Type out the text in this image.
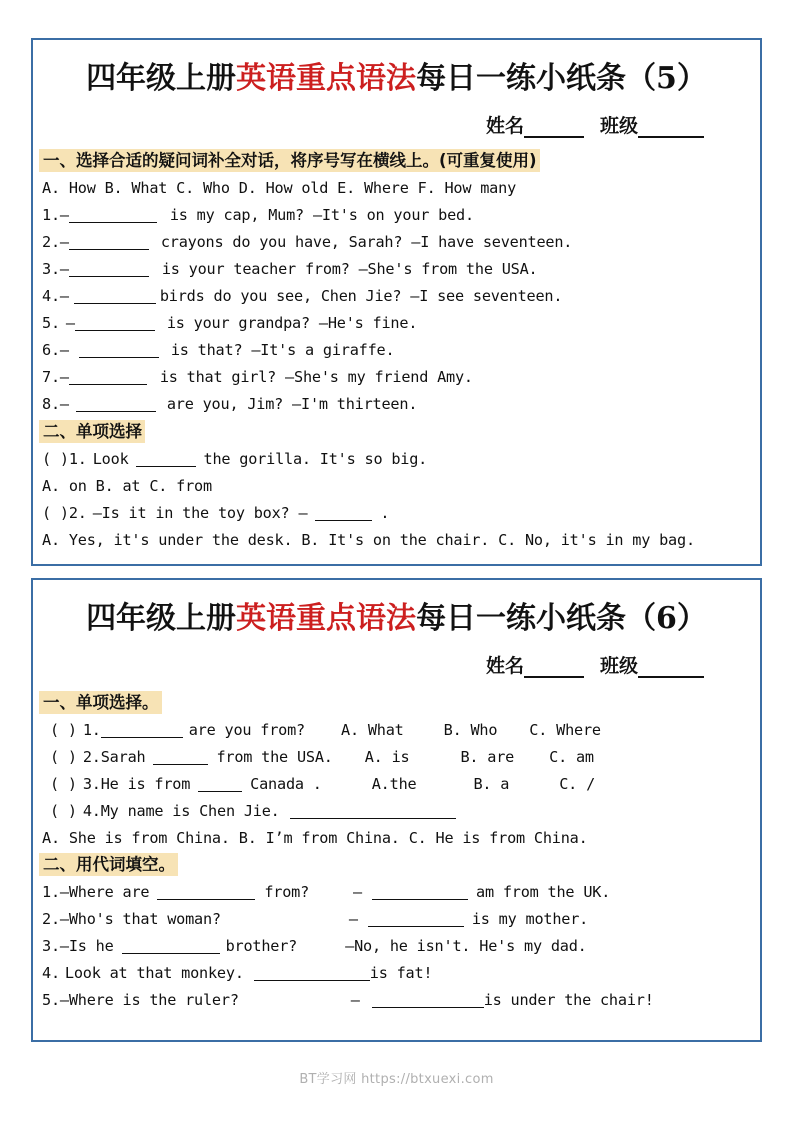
四年级上册英语重点语法每日一练小纸条（5）
姓名	班级
一、选择合适的疑问词补全对话，将序号写在横线上。(可重复使用)
A. How B. What C. Who D. How old E. Where F. How many
1.–	is my cap, Mum? –It's on your bed.
2.—	crayons do you have, Sarah? –I have seventeen.
3.—	is your teacher from? –She's from the USA.
4.–	birds do you see, Chen Jie? –I see seventeen.
5. –	is your grandpa? –He's fine.
6.—	is that? –It's a giraffe.
7.—	is that girl? –She's my friend Amy.
8.–	are you, Jim? –I'm thirteen.
二、单项选择
( )1. Look	the gorilla. It's so big.
A. on B. at C. from
( )2. –Is it in the toy box? –	.
A. Yes, it's under the desk. B. It's on the chair. C. No, it's in my bag.
四年级上册英语重点语法每日一练小纸条（6）
姓名	班级
一、单项选择。
( ) 1.	are you from? A. What	B. Who C. Where
( ) 2.Sarah	from the USA. A. is	B. are C. am
( ) 3.He is from	Canada .	A.the	B. a	C. /
( ) 4.My name is Chen Jie.
A. She is from China. B. I’m from China. C. He is from China.
二、用代词填空。
1.—Where are	from?	—	am from the UK.
2.—Who's that woman?	—	is my mother.
3.—Is he	brother?	—No, he isn't. He's my dad.
4. Look at that monkey.	is fat!
5.—Where is the ruler?	—	is under the chair!
BT学习网 https://btxuexi.com
